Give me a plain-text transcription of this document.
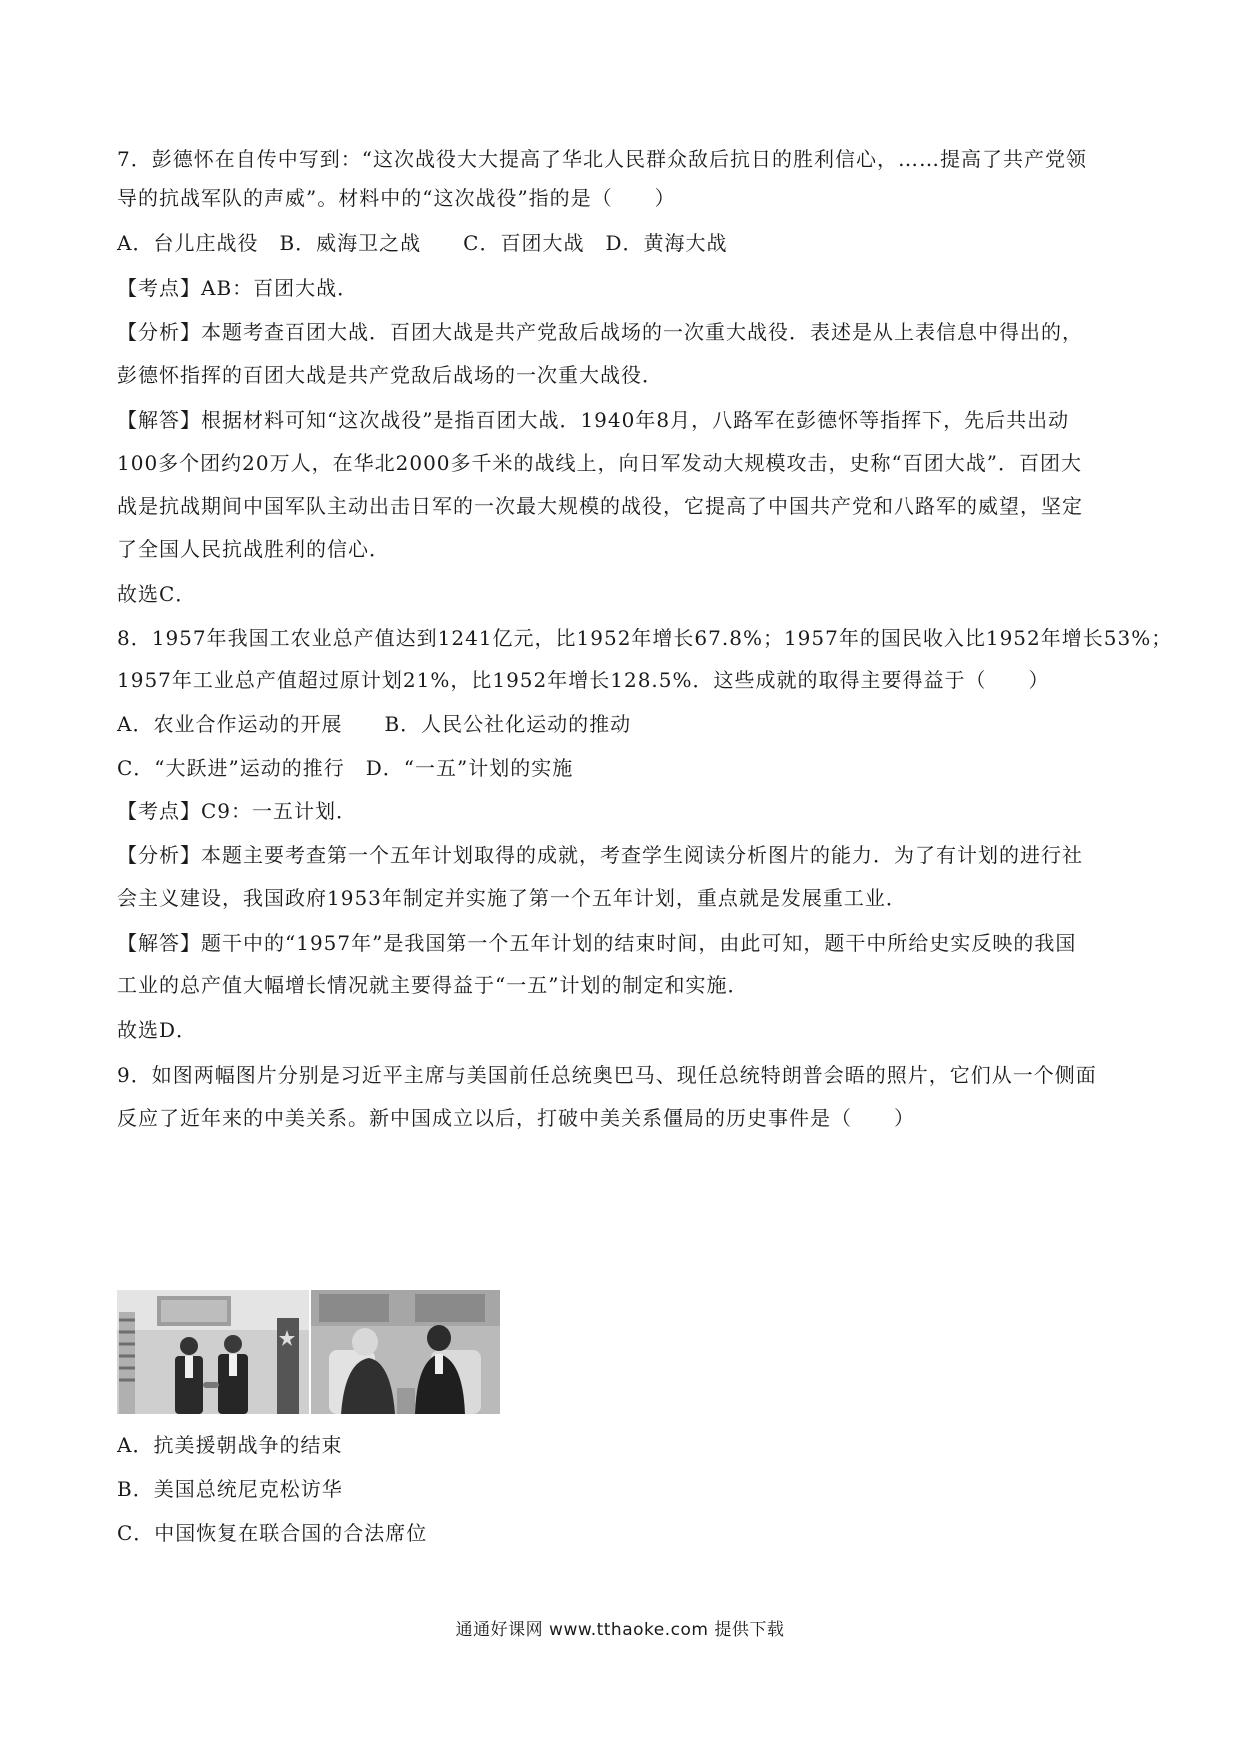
7．彭德怀在自传中写到：“这次战役大大提高了华北人民群众敌后抗日的胜利信心，……提高了共产党领
导的抗战军队的声威”。材料中的“这次战役”指的是（　　）
A．台儿庄战役　B．威海卫之战　　C．百团大战　D．黄海大战
【考点】AB：百团大战．
【分析】本题考查百团大战．百团大战是共产党敌后战场的一次重大战役．表述是从上表信息中得出的，
彭德怀指挥的百团大战是共产党敌后战场的一次重大战役．
【解答】根据材料可知“这次战役”是指百团大战．1940年8月，八路军在彭德怀等指挥下，先后共出动
100多个团约20万人，在华北2000多千米的战线上，向日军发动大规模攻击，史称“百团大战”．百团大
战是抗战期间中国军队主动出击日军的一次最大规模的战役，它提高了中国共产党和八路军的威望，坚定
了全国人民抗战胜利的信心．
故选C．
8．1957年我国工农业总产值达到1241亿元，比1952年增长67.8%；1957年的国民收入比1952年增长53%；
1957年工业总产值超过原计划21%，比1952年增长128.5%．这些成就的取得主要得益于（　　）
A．农业合作运动的开展　　B．人民公社化运动的推动
C．“大跃进”运动的推行　D．“一五”计划的实施
【考点】C9：一五计划．
【分析】本题主要考查第一个五年计划取得的成就，考查学生阅读分析图片的能力．为了有计划的进行社
会主义建设，我国政府1953年制定并实施了第一个五年计划，重点就是发展重工业．
【解答】题干中的“1957年”是我国第一个五年计划的结束时间，由此可知，题干中所给史实反映的我国
工业的总产值大幅增长情况就主要得益于“一五”计划的制定和实施．
故选D．
9．如图两幅图片分别是习近平主席与美国前任总统奥巴马、现任总统特朗普会晤的照片，它们从一个侧面
反应了近年来的中美关系。新中国成立以后，打破中美关系僵局的历史事件是（　　）
A．抗美援朝战争的结束
B．美国总统尼克松访华
C．中国恢复在联合国的合法席位
通通好课网 www.tthaoke.com 提供下载
